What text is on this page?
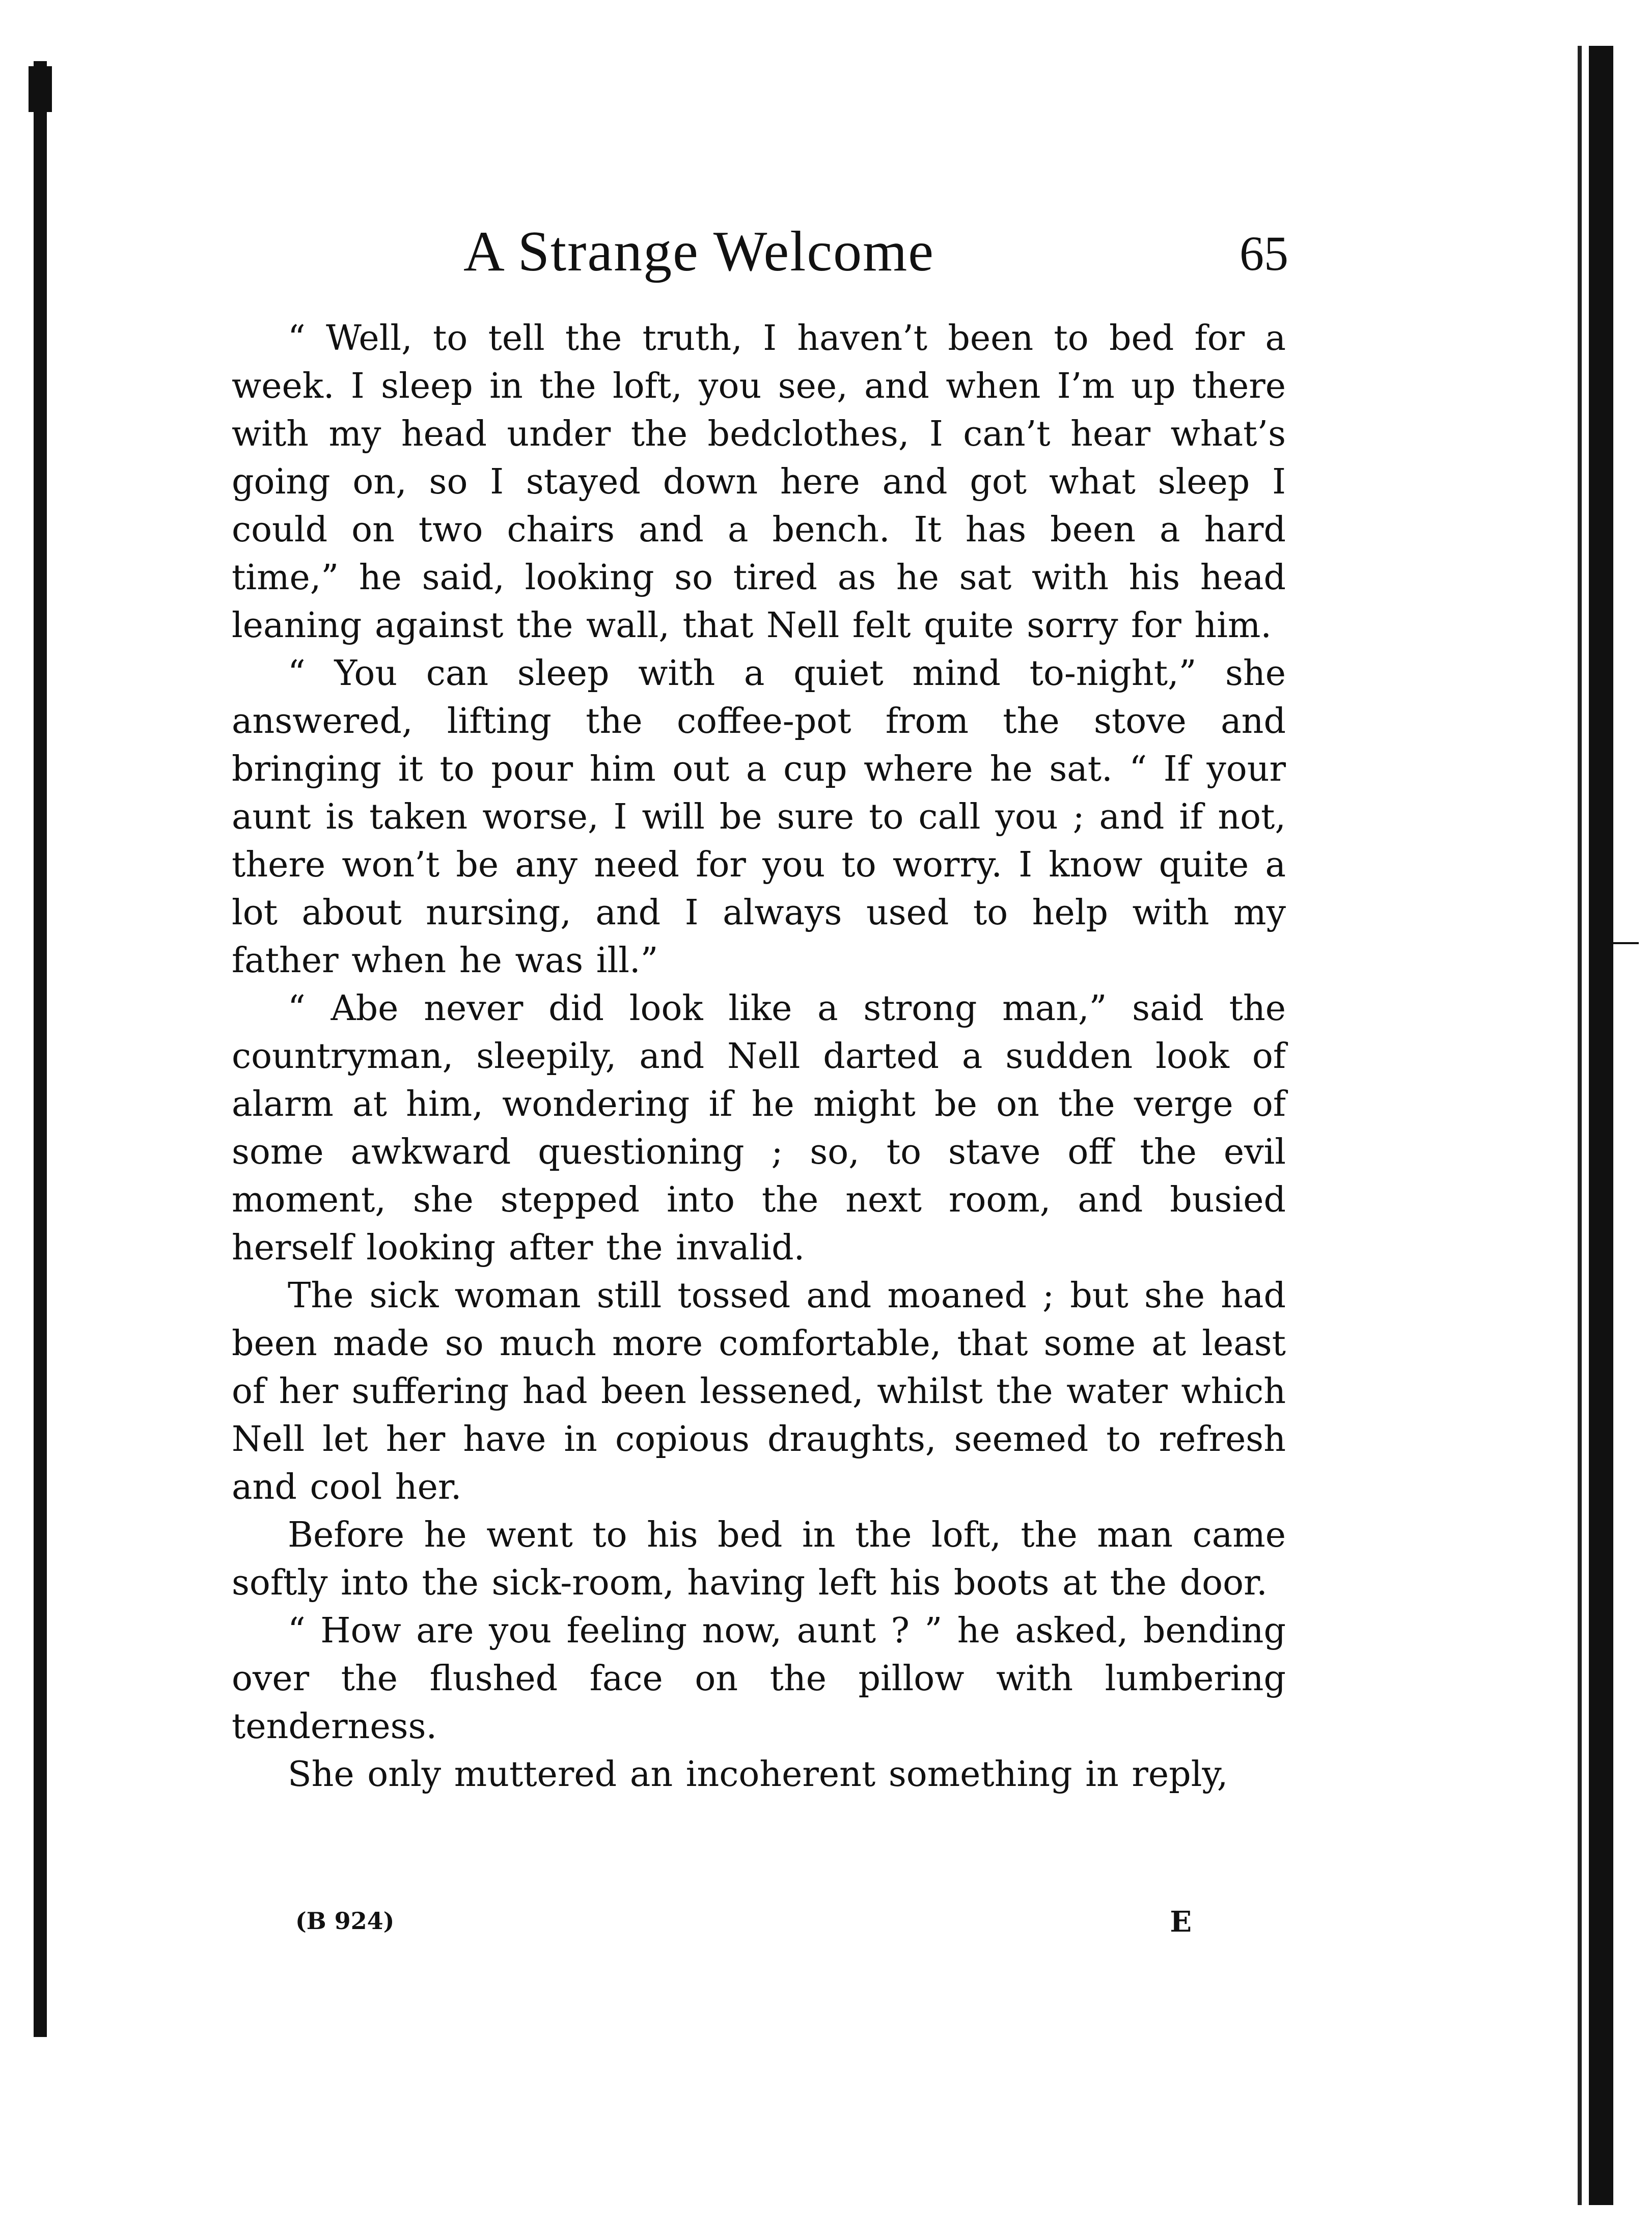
A Strange Welcome	65

“ Well, to tell the truth, I haven’t been to bed for a week. I sleep in the loft, you see, and when I’m up there with my head under the bedclothes, I can’t hear what’s going on, so I stayed down here and got what sleep I could on two chairs and a bench. It has been a hard time,” he said, looking so tired as he sat with his head leaning against the wall, that Nell felt quite sorry for him.

“ You can sleep with a quiet mind to-night,” she answered, lifting the coffee-pot from the stove and bringing it to pour him out a cup where he sat. “ If your aunt is taken worse, I will be sure to call you ; and if not, there won’t be any need for you to worry. I know quite a lot about nursing, and I always used to help with my father when he was ill.”

“ Abe never did look like a strong man,” said the countryman, sleepily, and Nell darted a sudden look of alarm at him, wondering if he might be on the verge of some awkward questioning ; so, to stave off the evil moment, she stepped into the next room, and busied herself looking after the invalid.

The sick woman still tossed and moaned ; but she had been made so much more comfortable, that some at least of her suffering had been lessened, whilst the water which Nell let her have in copious draughts, seemed to refresh and cool her.

Before he went to his bed in the loft, the man came softly into the sick-room, having left his boots at the door.

“ How are you feeling now, aunt ? ” he asked, bending over the flushed face on the pillow with lumbering tenderness.

She only muttered an incoherent something in reply,

(B 924)	E
